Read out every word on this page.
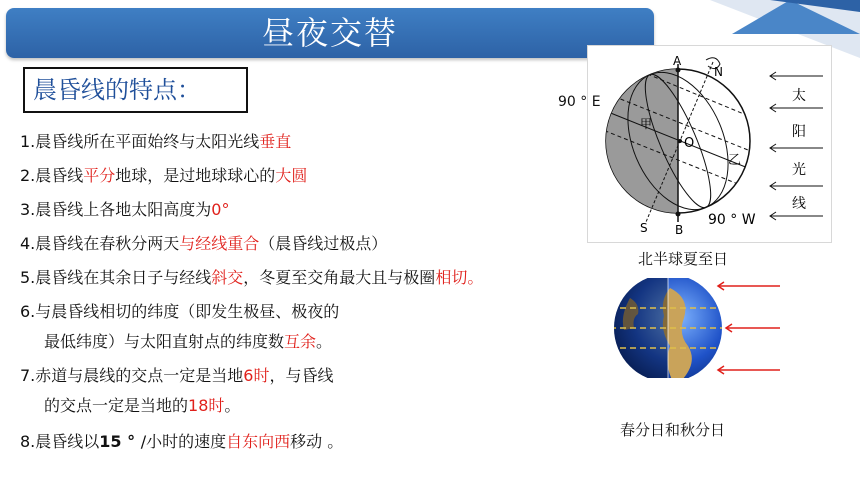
昼夜交替
晨昏线的特点：
1.晨昏线所在平面始终与太阳光线垂直
2.晨昏线平分地球，是过地球球心的大圆
3.晨昏线上各地太阳高度为0°
4.晨昏线在春秋分两天与经线重合（晨昏线过极点）
5.晨昏线在其余日子与经线斜交，冬夏至交角最大且与极圈相切。
6.与晨昏线相切的纬度（即发生极昼、极夜的
最低纬度）与太阳直射点的纬度数互余。
7.赤道与晨线的交点一定是当地6时，与昏线
的交点一定是当地的18时。
8.晨昏线以15 ° /小时的速度自东向西移动 。
A
N
S B
O
甲
乙
90 ° W
太
阳
光
线
90 ° E
北半球夏至日
春分日和秋分日
